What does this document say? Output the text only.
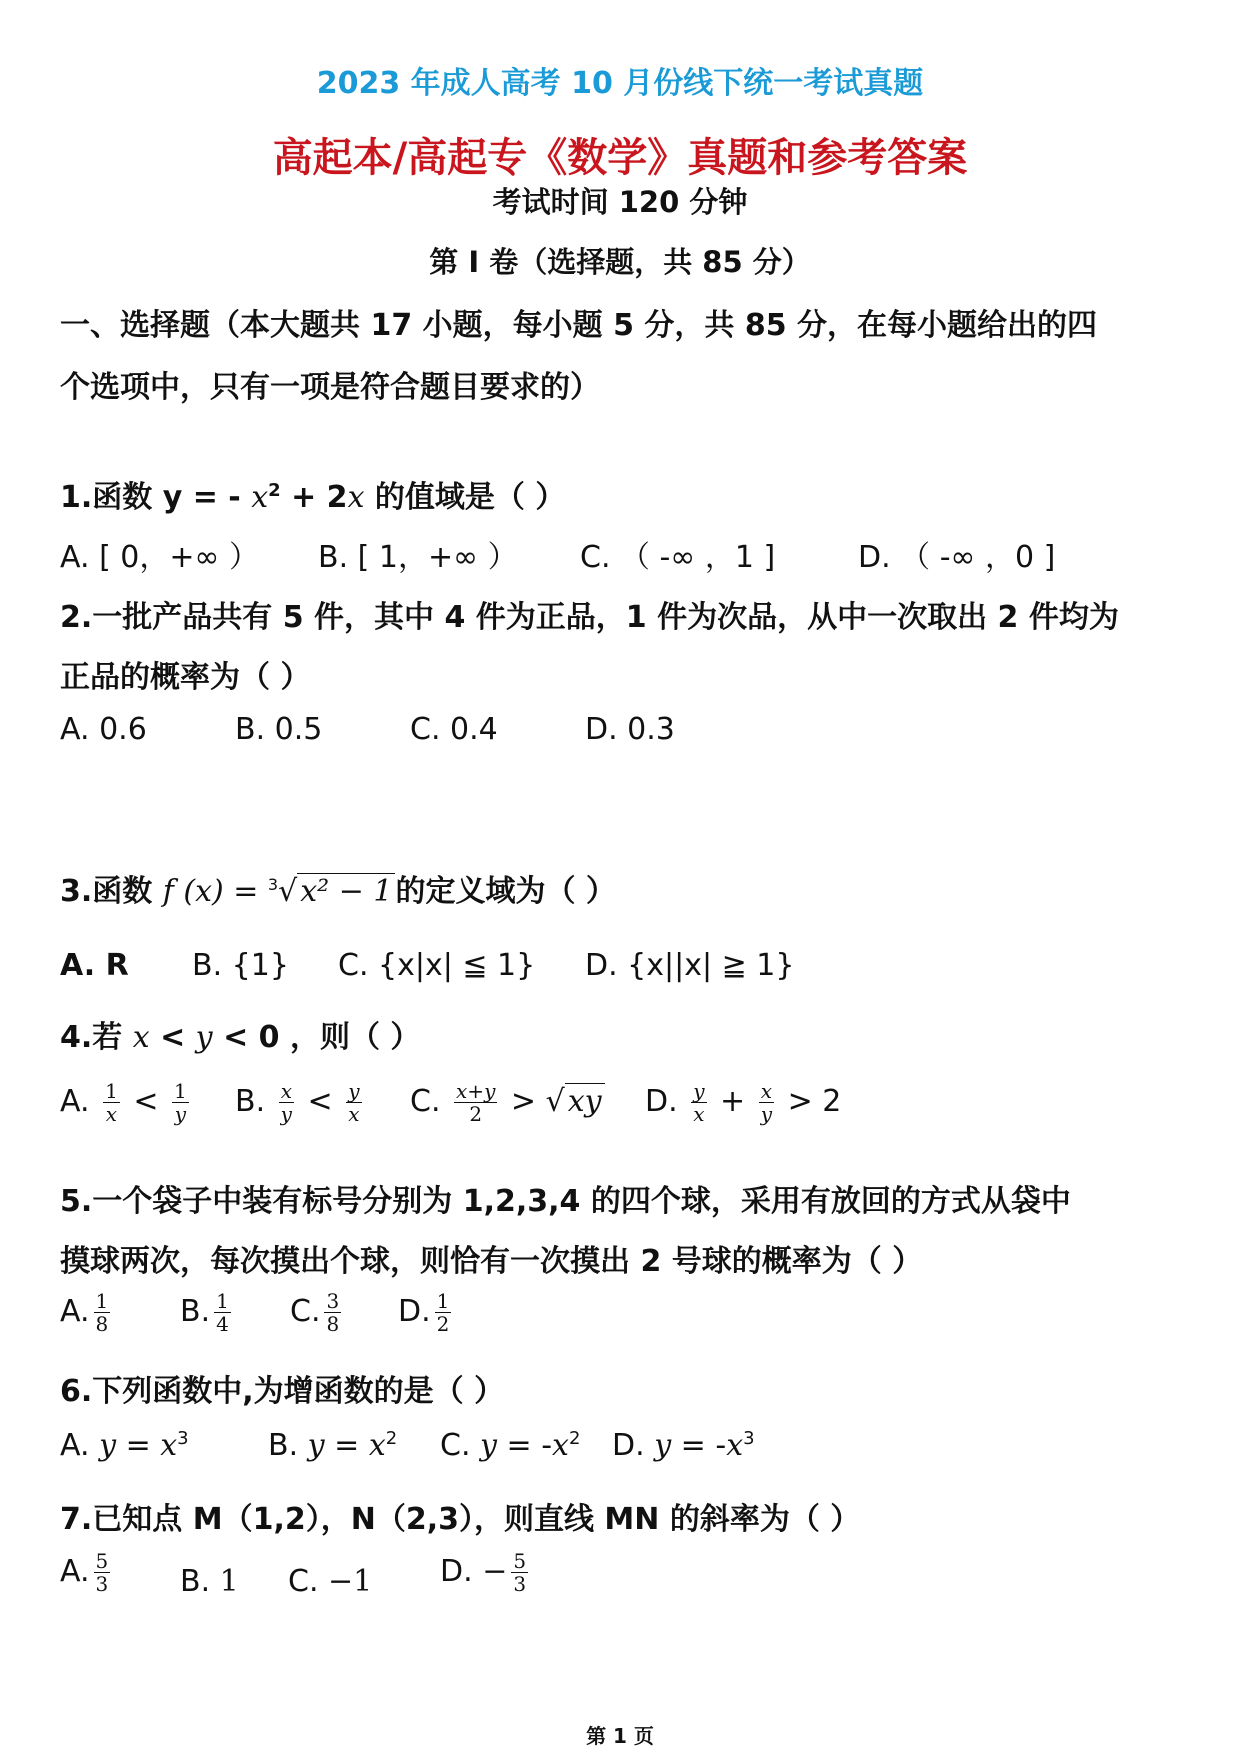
2023 年成人高考 10 月份线下统一考试真题
高起本/高起专《数学》真题和参考答案
考试时间 120 分钟
第 I 卷（选择题，共 85 分）
一、选择题（本大题共 17 小题，每小题 5 分，共 85 分，在每小题给出的四
个选项中，只有一项是符合题目要求的）
1.函数 y = - $x^2 + 2x$ 的值域是（ ）
A. [ 0，+∞ ） B. [ 1，+∞ ） C. （ -∞ ，1 ]	D. （ -∞ ，0 ]
2.一批产品共有 5 件，其中 4 件为正品，1 件为次品，从中一次取出 2 件均为
正品的概率为（ ）
A. 0.6	B. 0.5	C. 0.4	D. 0.3
3.函数 f (x) = $^3$√ x² − 1 的定义域为（ ）
A. R B. {1} C. {x|x| ≦ 1} D. {x||x| ≧ 1}
4.若 x < y < 0 ，则（ ）
A. $\frac{1}{x} < \frac{1}{y} B$. $\frac{x}{y} < \frac{y}{x} C$. $\frac{x+y}{2}$ > √ xy D. $\frac{y}{x} + \frac{x}{y} > 2$
5.一个袋子中装有标号分别为 1,2,3,4 的四个球，采用有放回的方式从袋中
摸球两次，每次摸出个球，则恰有一次摸出 2 号球的概率为（ ）
A. $\frac{1}{8} B$. $\frac{1}{4} C$. $\frac{3}{8} D$. $\frac{1}{2}$
6.下列函数中,为增函数的是（ ）
A. $y = x^3$	B. $y = x^2$ C. $y = -x^2$ D. $y = -x^3$
7.已知点 M（1,2），N（2,3），则直线 MN 的斜率为（ ）
A. $\frac{5}{3} B$. 1 C. −1 D. − $\frac{5}{3}$
第 1 页
